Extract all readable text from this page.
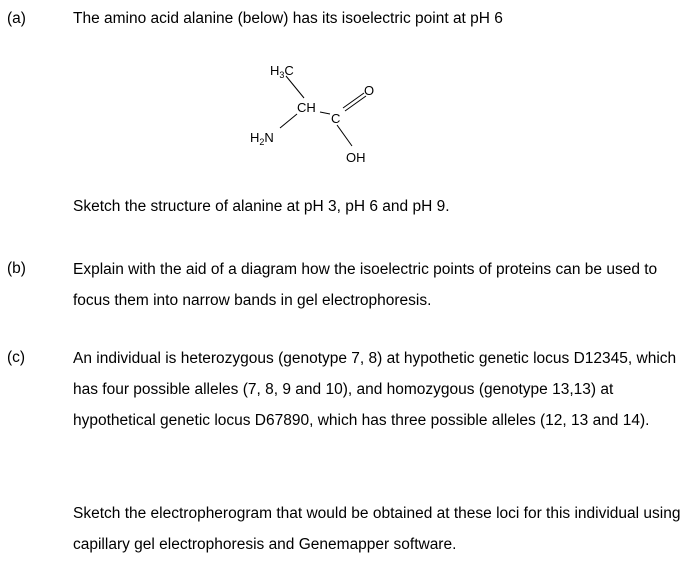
(a)	The amino acid alanine (below) has its isoelectric point at pH 6
$H_3C$
CH
$H_2N$
C
O
OH
Sketch the structure of alanine at pH 3, pH 6 and pH 9.
(b)	Explain with the aid of a diagram how the isoelectric points of proteins can be used to focus them into narrow bands in gel electrophoresis.
(c)	An individual is heterozygous (genotype 7, 8) at hypothetic genetic locus D12345, which has four possible alleles (7, 8, 9 and 10), and homozygous (genotype 13,13) at hypothetical genetic locus D67890, which has three possible alleles (12, 13 and 14).
Sketch the electropherogram that would be obtained at these loci for this individual using capillary gel electrophoresis and Genemapper software.
